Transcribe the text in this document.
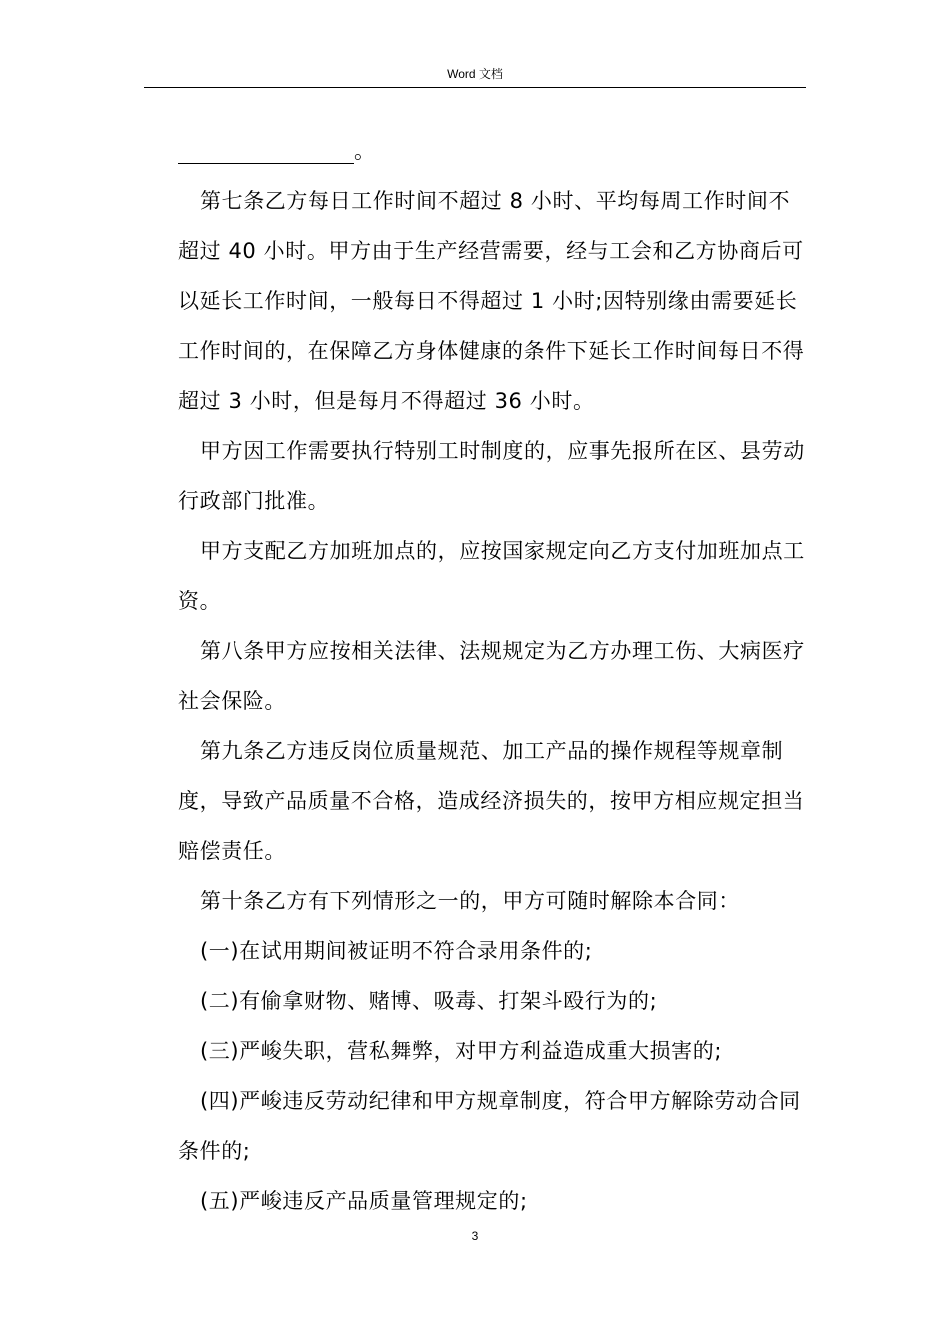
Word 文档

。

第七条乙方每日工作时间不超过 8 小时、平均每周工作时间不超过 40 小时。甲方由于生产经营需要，经与工会和乙方协商后可以延长工作时间，一般每日不得超过 1 小时;因特别缘由需要延长工作时间的，在保障乙方身体健康的条件下延长工作时间每日不得超过 3 小时，但是每月不得超过 36 小时。

甲方因工作需要执行特别工时制度的，应事先报所在区、县劳动行政部门批准。

甲方支配乙方加班加点的，应按国家规定向乙方支付加班加点工资。

第八条甲方应按相关法律、法规规定为乙方办理工伤、大病医疗社会保险。

第九条乙方违反岗位质量规范、加工产品的操作规程等规章制度，导致产品质量不合格，造成经济损失的，按甲方相应规定担当赔偿责任。

第十条乙方有下列情形之一的，甲方可随时解除本合同：

(一)在试用期间被证明不符合录用条件的;

(二)有偷拿财物、赌博、吸毒、打架斗殴行为的;

(三)严峻失职，营私舞弊，对甲方利益造成重大损害的;

(四)严峻违反劳动纪律和甲方规章制度，符合甲方解除劳动合同条件的;

(五)严峻违反产品质量管理规定的;

3
